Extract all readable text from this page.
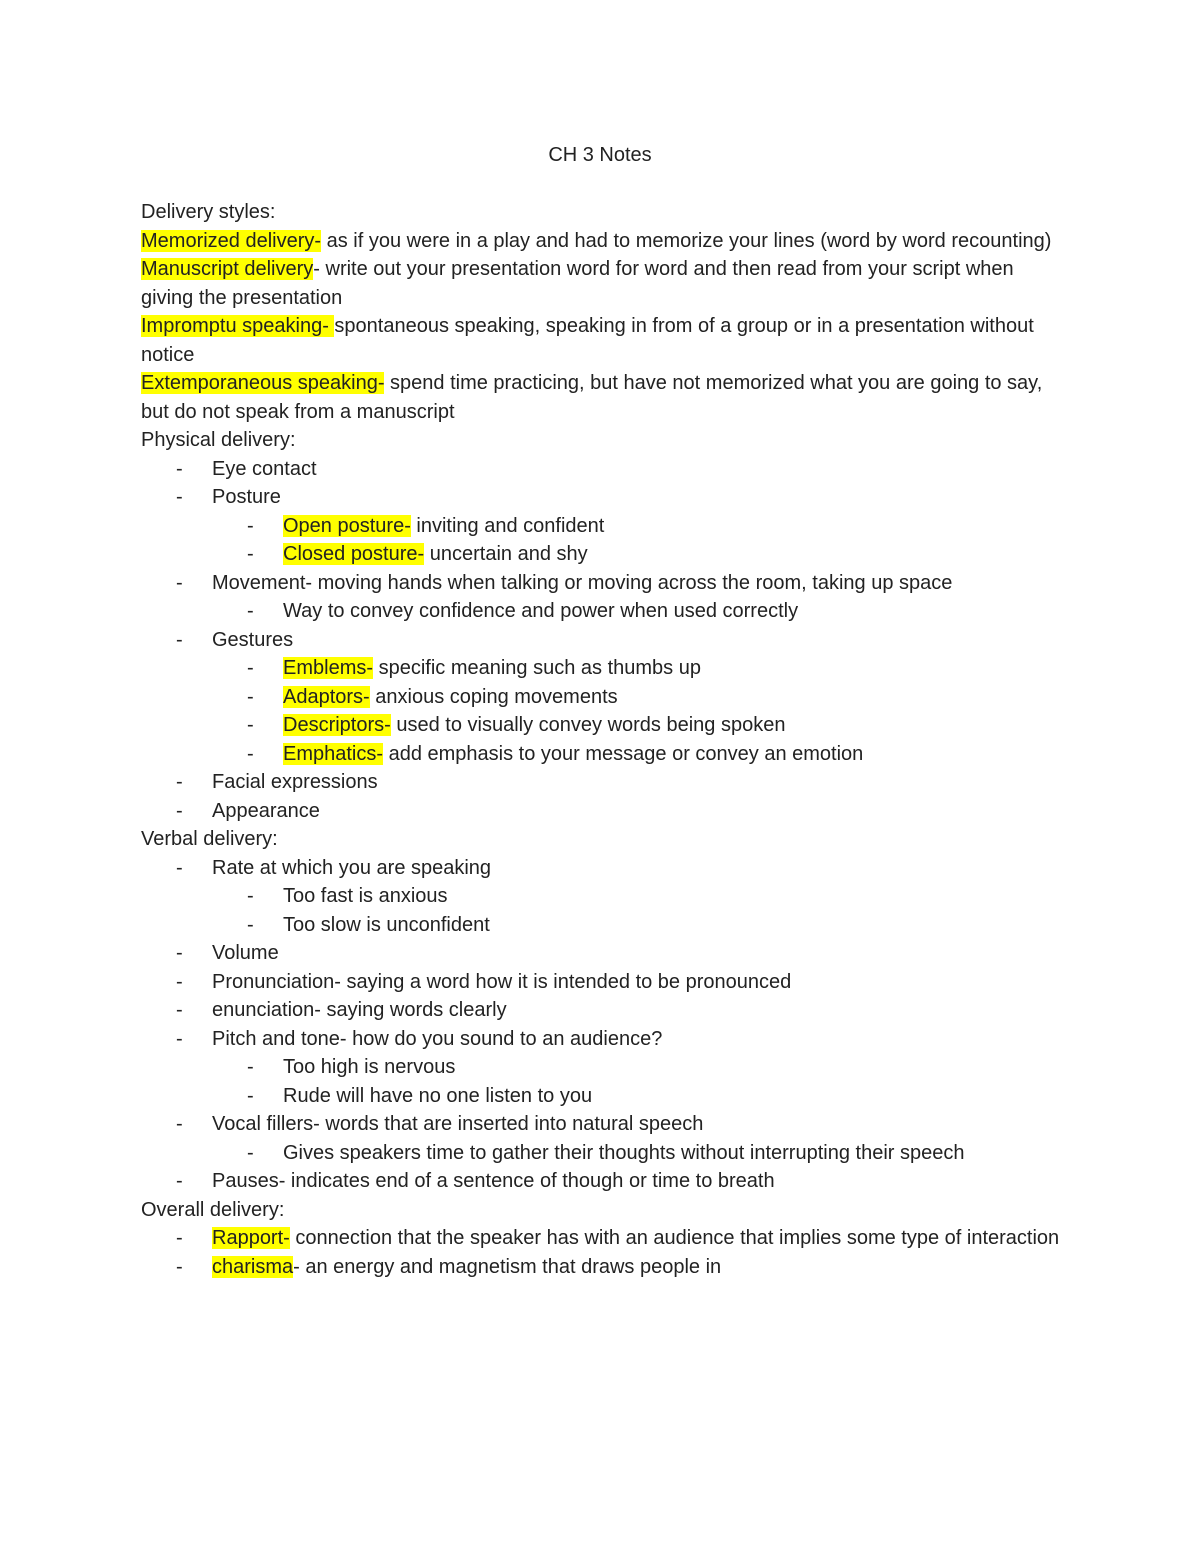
CH 3 Notes

Delivery styles:

Memorized delivery- as if you were in a play and had to memorize your lines (word by word recounting)

Manuscript delivery- write out your presentation word for word and then read from your script when giving the presentation

Impromptu speaking- spontaneous speaking, speaking in from of a group or in a presentation without notice

Extemporaneous speaking- spend time practicing, but have not memorized what you are going to say, but do not speak from a manuscript

Physical delivery:

- Eye contact
- Posture
- Open posture- inviting and confident
- Closed posture- uncertain and shy
- Movement- moving hands when talking or moving across the room, taking up space
- Way to convey confidence and power when used correctly
- Gestures
- Emblems- specific meaning such as thumbs up
- Adaptors- anxious coping movements
- Descriptors- used to visually convey words being spoken
- Emphatics- add emphasis to your message or convey an emotion
- Facial expressions
- Appearance

Verbal delivery:

- Rate at which you are speaking
- Too fast is anxious
- Too slow is unconfident
- Volume
- Pronunciation- saying a word how it is intended to be pronounced
- enunciation- saying words clearly
- Pitch and tone- how do you sound to an audience?
- Too high is nervous
- Rude will have no one listen to you
- Vocal fillers- words that are inserted into natural speech
- Gives speakers time to gather their thoughts without interrupting their speech
- Pauses- indicates end of a sentence of though or time to breath

Overall delivery:

- Rapport- connection that the speaker has with an audience that implies some type of interaction
- charisma- an energy and magnetism that draws people in
